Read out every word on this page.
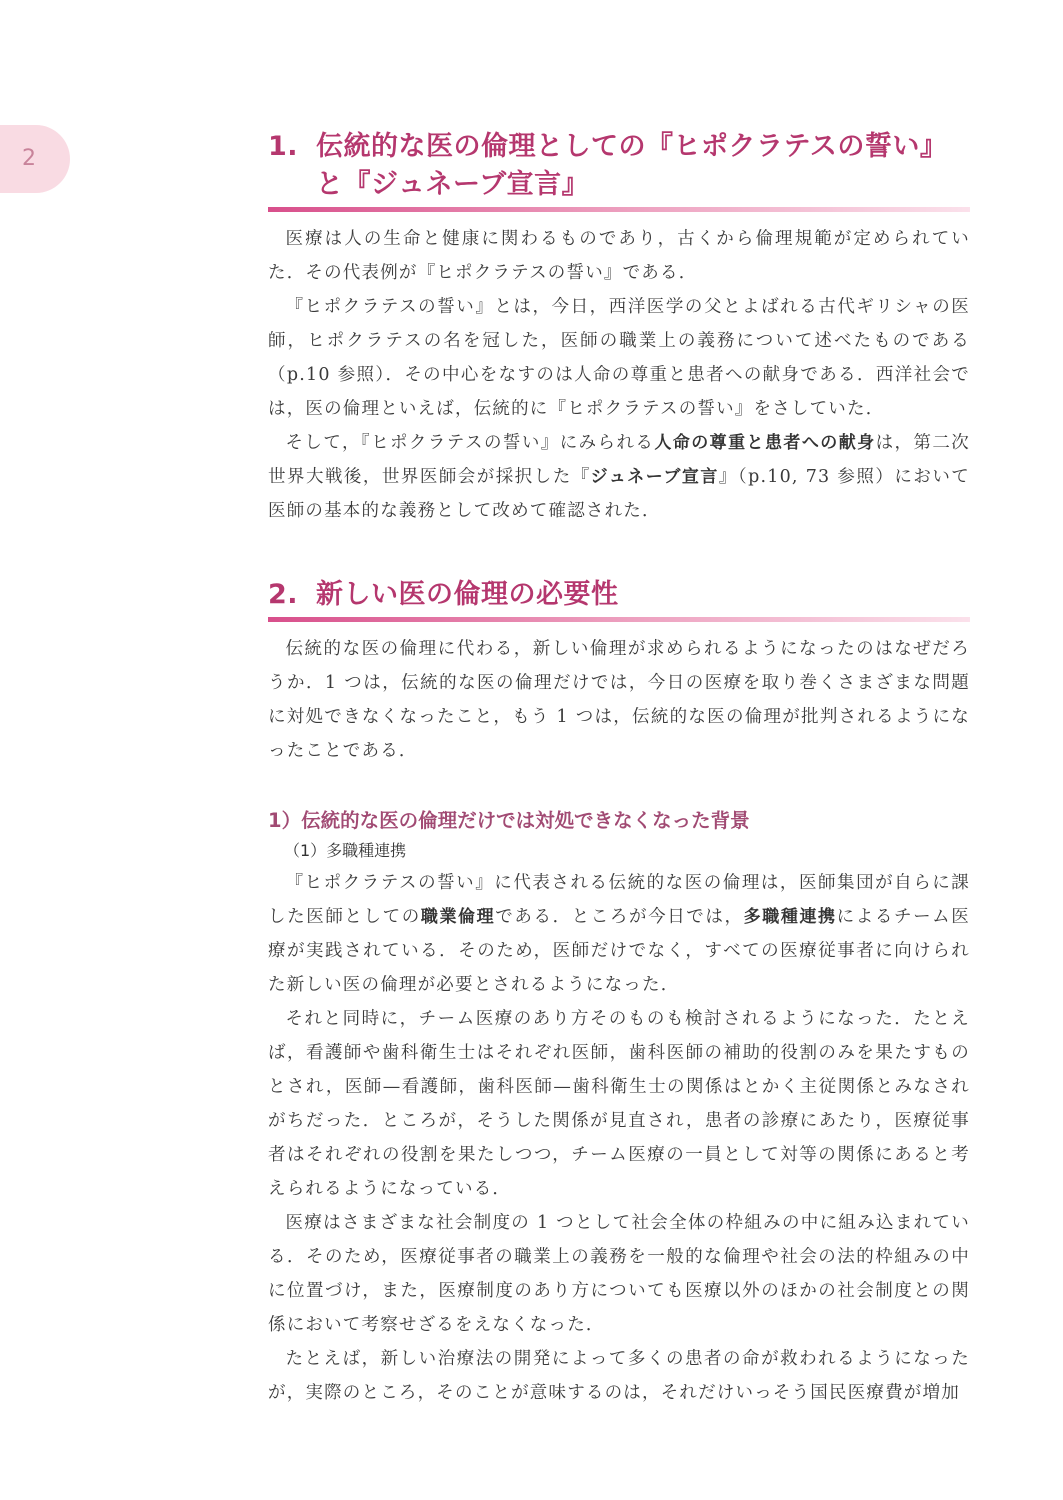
2	1. 伝統的な医の倫理としての『ヒポクラテスの誓い』
と『ジュネーブ宣言』

医療は人の生命と健康に関わるものであり，古くから倫理規範が定められていた．その代表例が『ヒポクラテスの誓い』である．

『ヒポクラテスの誓い』とは，今日，西洋医学の父とよばれる古代ギリシャの医師，ヒポクラテスの名を冠した，医師の職業上の義務について述べたものである（p.10 参照）．その中心をなすのは人命の尊重と患者への献身である．西洋社会では，医の倫理といえば，伝統的に『ヒポクラテスの誓い』をさしていた．

そして，『ヒポクラテスの誓い』にみられる人命の尊重と患者への献身は，第二次世界大戦後，世界医師会が採択した『ジュネーブ宣言』（p.10, 73 参照）において医師の基本的な義務として改めて確認された．

2. 新しい医の倫理の必要性

伝統的な医の倫理に代わる，新しい倫理が求められるようになったのはなぜだろうか．1 つは，伝統的な医の倫理だけでは，今日の医療を取り巻くさまざまな問題に対処できなくなったこと，もう 1 つは，伝統的な医の倫理が批判されるようになったことである．

1）伝統的な医の倫理だけでは対処できなくなった背景
（1）多職種連携

『ヒポクラテスの誓い』に代表される伝統的な医の倫理は，医師集団が自らに課した医師としての職業倫理である．ところが今日では，多職種連携によるチーム医療が実践されている．そのため，医師だけでなく，すべての医療従事者に向けられた新しい医の倫理が必要とされるようになった．

それと同時に，チーム医療のあり方そのものも検討されるようになった．たとえば，看護師や歯科衛生士はそれぞれ医師，歯科医師の補助的役割のみを果たすものとされ，医師—看護師，歯科医師—歯科衛生士の関係はとかく主従関係とみなされがちだった．ところが，そうした関係が見直され，患者の診療にあたり，医療従事者はそれぞれの役割を果たしつつ，チーム医療の一員として対等の関係にあると考えられるようになっている．

医療はさまざまな社会制度の 1 つとして社会全体の枠組みの中に組み込まれている．そのため，医療従事者の職業上の義務を一般的な倫理や社会の法的枠組みの中に位置づけ，また，医療制度のあり方についても医療以外のほかの社会制度との関係において考察せざるをえなくなった．

たとえば，新しい治療法の開発によって多くの患者の命が救われるようになったが，実際のところ，そのことが意味するのは，それだけいっそう国民医療費が増加
